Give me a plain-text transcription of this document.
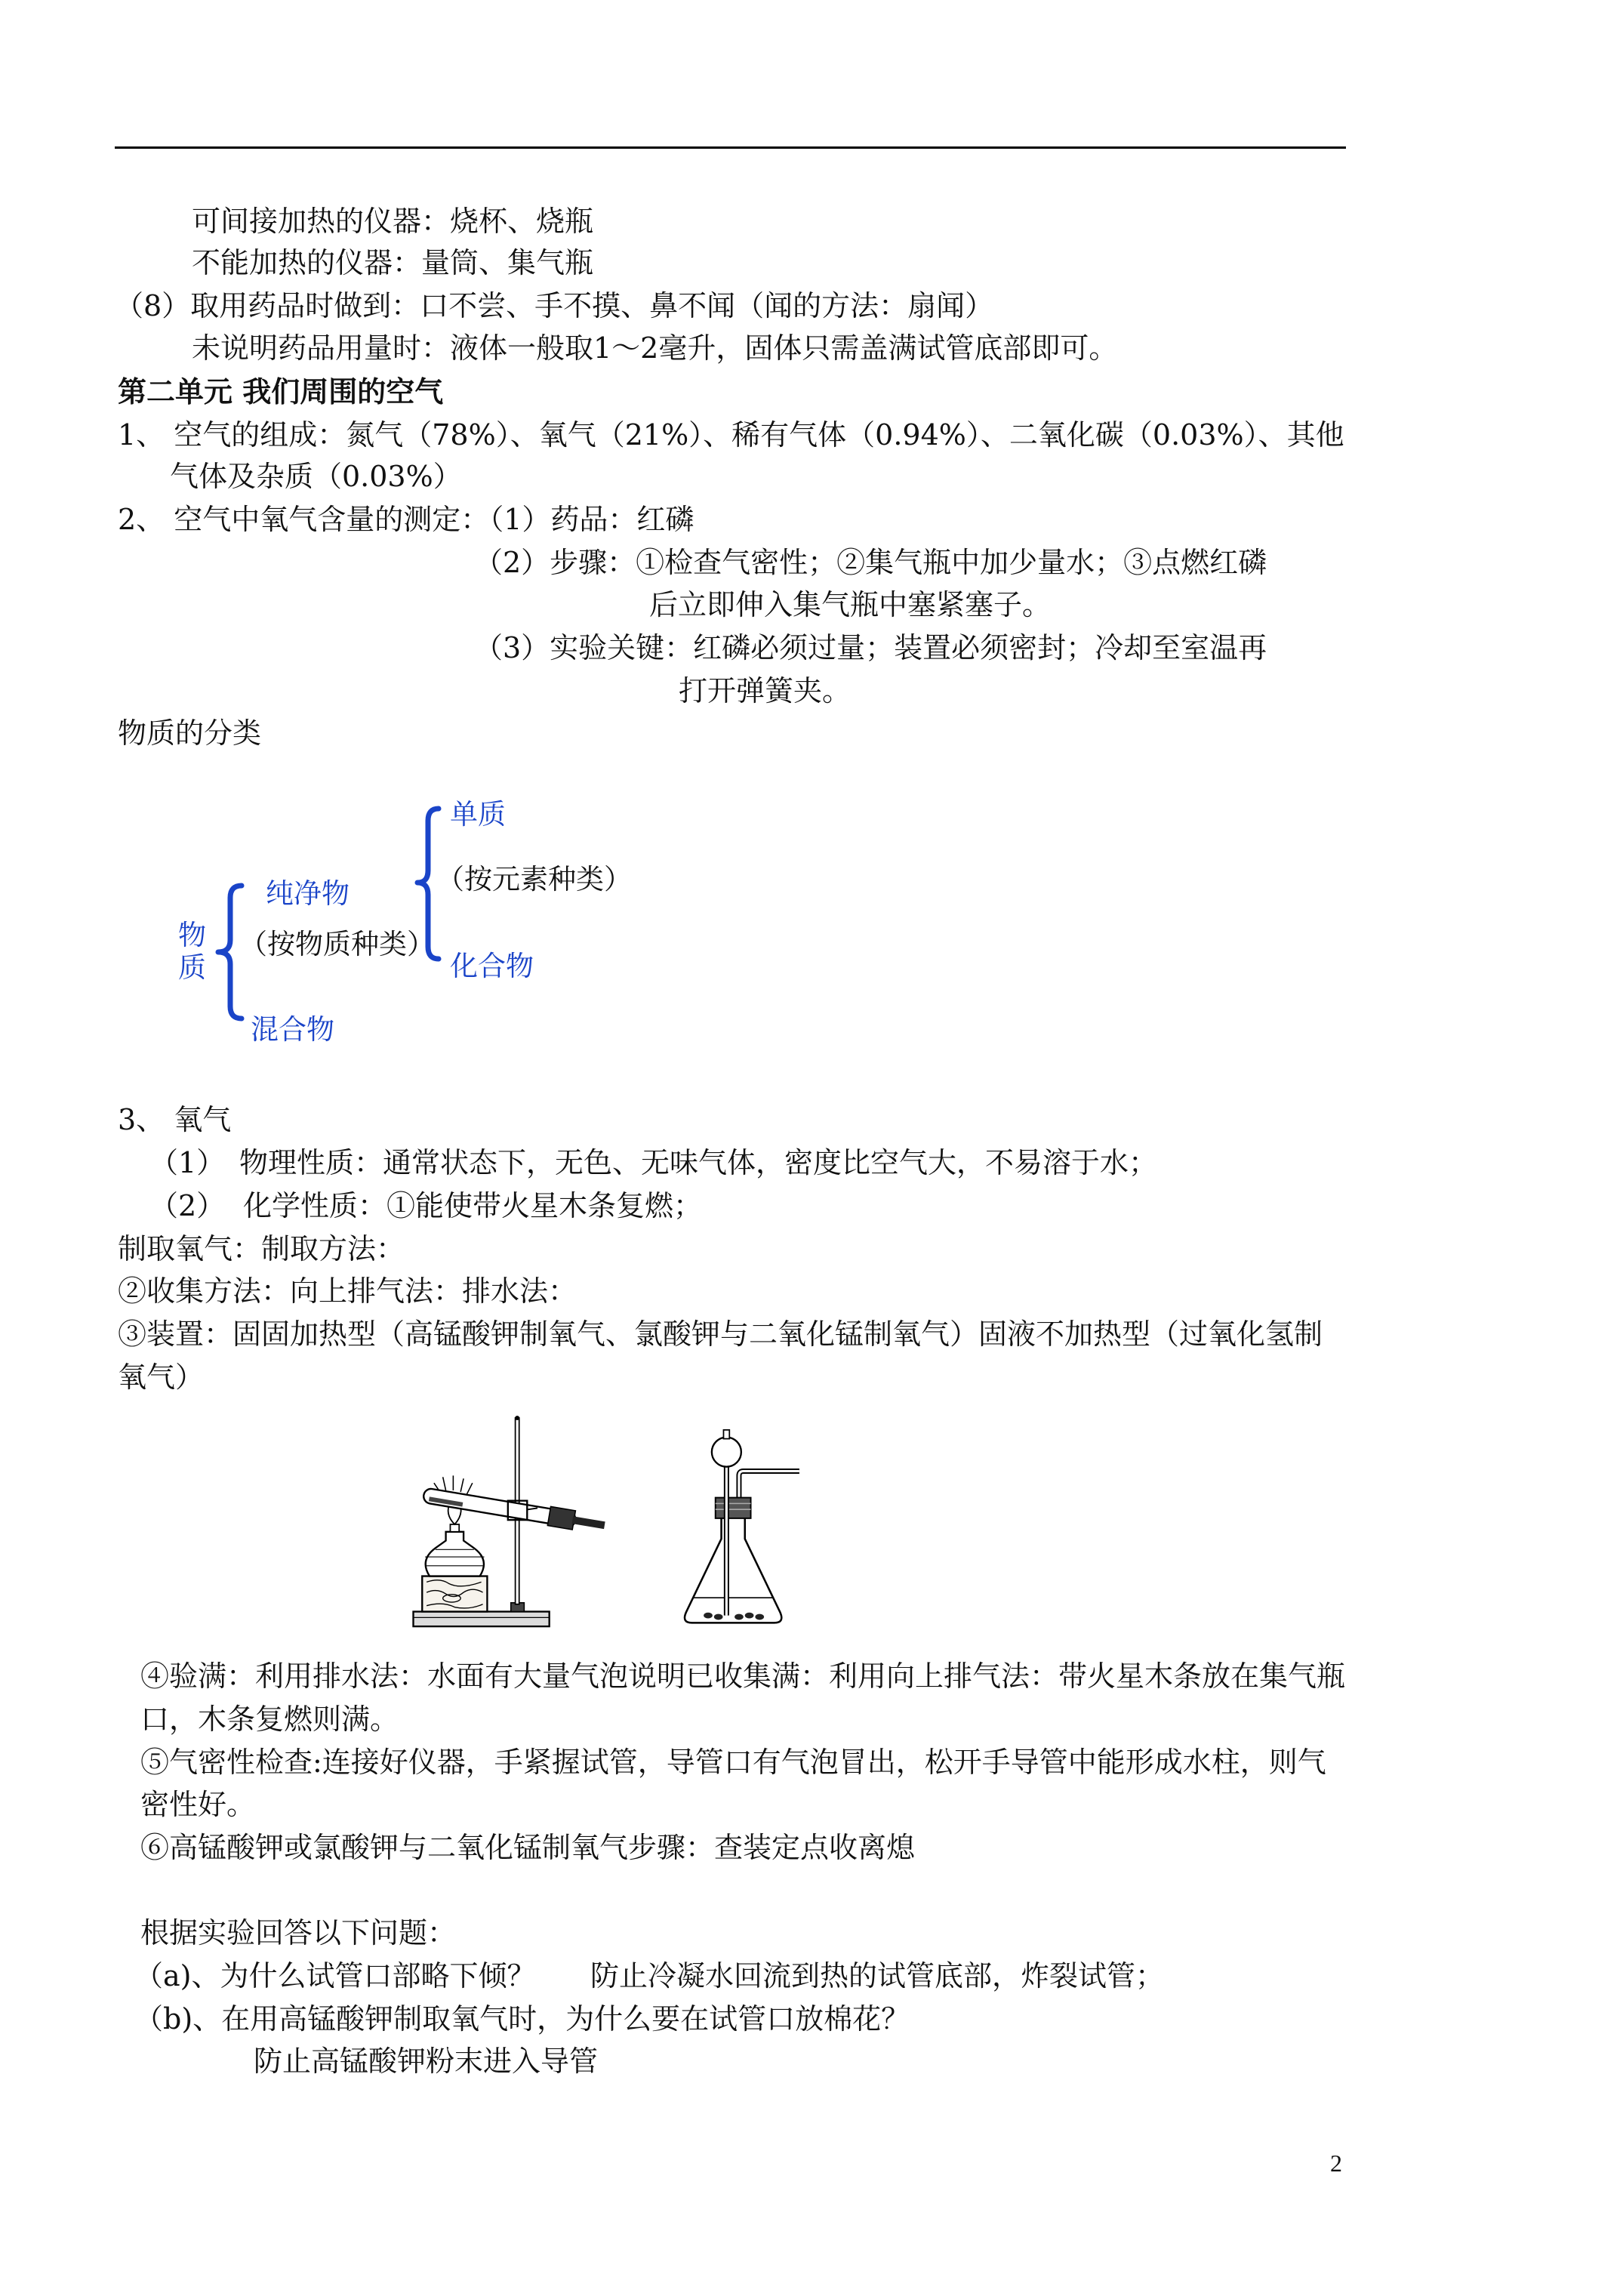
可间接加热的仪器：烧杯、烧瓶
不能加热的仪器：量筒、集气瓶
（8）取用药品时做到：口不尝、手不摸、鼻不闻（闻的方法：扇闻）
未说明药品用量时：液体一般取1～2毫升，固体只需盖满试管底部即可。
第二单元 我们周围的空气
1、 空气的组成：氮气（78%）、氧气（21%）、稀有气体（0.94%）、二氧化碳（0.03%）、其他
气体及杂质（0.03%）
2、 空气中氧气含量的测定：（1）药品：红磷
（2）步骤：①检查气密性；②集气瓶中加少量水；③点燃红磷
后立即伸入集气瓶中塞紧塞子。
（3）实验关键：红磷必须过量；装置必须密封；冷却至室温再
打开弹簧夹。
物质的分类
单质
（按元素种类）
纯净物
物
质
（按物质种类）
化合物
混合物
3、 氧气
（1） 物理性质：通常状态下，无色、无味气体，密度比空气大，不易溶于水；
（2） 化学性质：①能使带火星木条复燃；
制取氧气：制取方法：
②收集方法：向上排气法：排水法：
③装置：固固加热型（高锰酸钾制氧气、氯酸钾与二氧化锰制氧气）固液不加热型（过氧化氢制
氧气）
④验满：利用排水法：水面有大量气泡说明已收集满：利用向上排气法：带火星木条放在集气瓶
口，木条复燃则满。
⑤气密性检查:连接好仪器，手紧握试管，导管口有气泡冒出，松开手导管中能形成水柱，则气
密性好。
⑥高锰酸钾或氯酸钾与二氧化锰制氧气步骤：查装定点收离熄
根据实验回答以下问题：
（a)、为什么试管口部略下倾？ 防止冷凝水回流到热的试管底部，炸裂试管；
（b)、在用高锰酸钾制取氧气时，为什么要在试管口放棉花？
防止高锰酸钾粉末进入导管
2
